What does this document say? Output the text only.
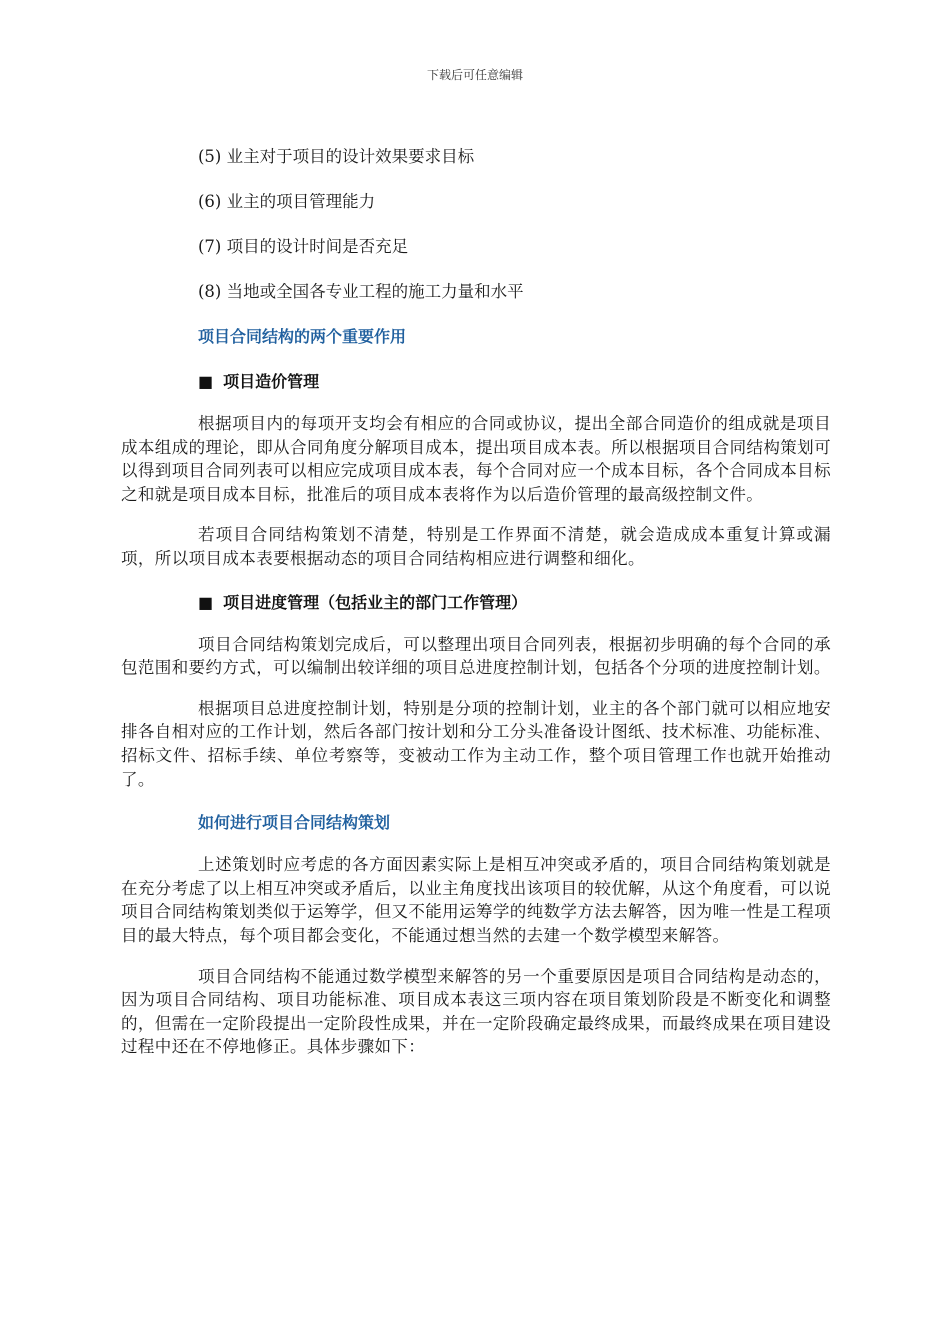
下载后可任意编辑
(5) 业主对于项目的设计效果要求目标
(6) 业主的项目管理能力
(7) 项目的设计时间是否充足
(8) 当地或全国各专业工程的施工力量和水平
项目合同结构的两个重要作用
■ 项目造价管理

根据项目内的每项开支均会有相应的合同或协议，提出全部合同造价的组成就是项目成本组成的理论，即从合同角度分解项目成本，提出项目成本表。所以根据项目合同结构策划可以得到项目合同列表可以相应完成项目成本表，每个合同对应一个成本目标，各个合同成本目标之和就是项目成本目标，批准后的项目成本表将作为以后造价管理的最高级控制文件。

若项目合同结构策划不清楚，特别是工作界面不清楚，就会造成成本重复计算或漏项，所以项目成本表要根据动态的项目合同结构相应进行调整和细化。

■ 项目进度管理（包括业主的部门工作管理）

项目合同结构策划完成后，可以整理出项目合同列表，根据初步明确的每个合同的承包范围和要约方式，可以编制出较详细的项目总进度控制计划，包括各个分项的进度控制计划。

根据项目总进度控制计划，特别是分项的控制计划，业主的各个部门就可以相应地安排各自相对应的工作计划，然后各部门按计划和分工分头准备设计图纸、技术标准、功能标准、招标文件、招标手续、单位考察等，变被动工作为主动工作，整个项目管理工作也就开始推动了。

如何进行项目合同结构策划

上述策划时应考虑的各方面因素实际上是相互冲突或矛盾的，项目合同结构策划就是在充分考虑了以上相互冲突或矛盾后，以业主角度找出该项目的较优解，从这个角度看，可以说项目合同结构策划类似于运筹学，但又不能用运筹学的纯数学方法去解答，因为唯一性是工程项目的最大特点，每个项目都会变化，不能通过想当然的去建一个数学模型来解答。

项目合同结构不能通过数学模型来解答的另一个重要原因是项目合同结构是动态的，因为项目合同结构、项目功能标准、项目成本表这三项内容在项目策划阶段是不断变化和调整的，但需在一定阶段提出一定阶段性成果，并在一定阶段确定最终成果，而最终成果在项目建设过程中还在不停地修正。具体步骤如下：
